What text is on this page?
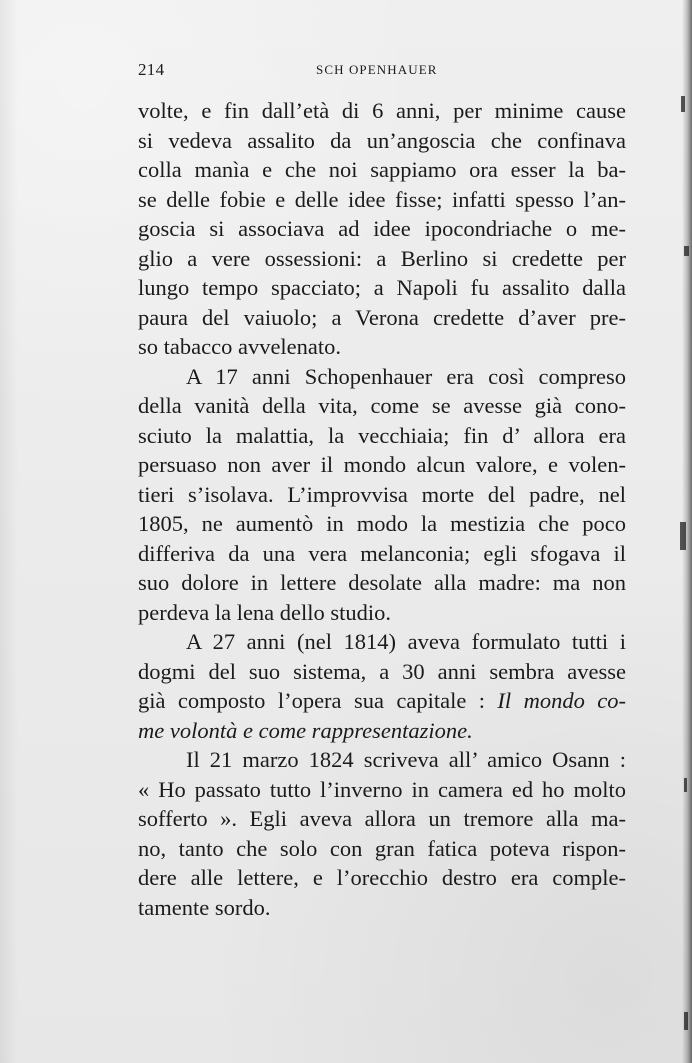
214	SCH OPENHAUER
volte, e fin dall’età di 6 anni, per minime cause
si vedeva assalito da un’angoscia che confinava
colla manìa e che noi sappiamo ora esser la ba-
se delle fobie e delle idee fisse; infatti spesso l’an-
goscia si associava ad idee ipocondriache o me-
glio a vere ossessioni: a Berlino si credette per
lungo tempo spacciato; a Napoli fu assalito dalla
paura del vaiuolo; a Verona credette d’aver pre-
so tabacco avvelenato.
A 17 anni Schopenhauer era così compreso
della vanità della vita, come se avesse già cono-
sciuto la malattia, la vecchiaia; fin d’ allora era
persuaso non aver il mondo alcun valore, e volen-
tieri s’isolava. L’improvvisa morte del padre, nel
1805, ne aumentò in modo la mestizia che poco
differiva da una vera melanconia; egli sfogava il
suo dolore in lettere desolate alla madre: ma non
perdeva la lena dello studio.
A 27 anni (nel 1814) aveva formulato tutti i
dogmi del suo sistema, a 30 anni sembra avesse
già composto l’opera sua capitale : Il mondo co-
me volontà e come rappresentazione.
Il 21 marzo 1824 scriveva all’ amico Osann :
« Ho passato tutto l’inverno in camera ed ho molto
sofferto ». Egli aveva allora un tremore alla ma-
no, tanto che solo con gran fatica poteva rispon-
dere alle lettere, e l’orecchio destro era comple-
tamente sordo.
